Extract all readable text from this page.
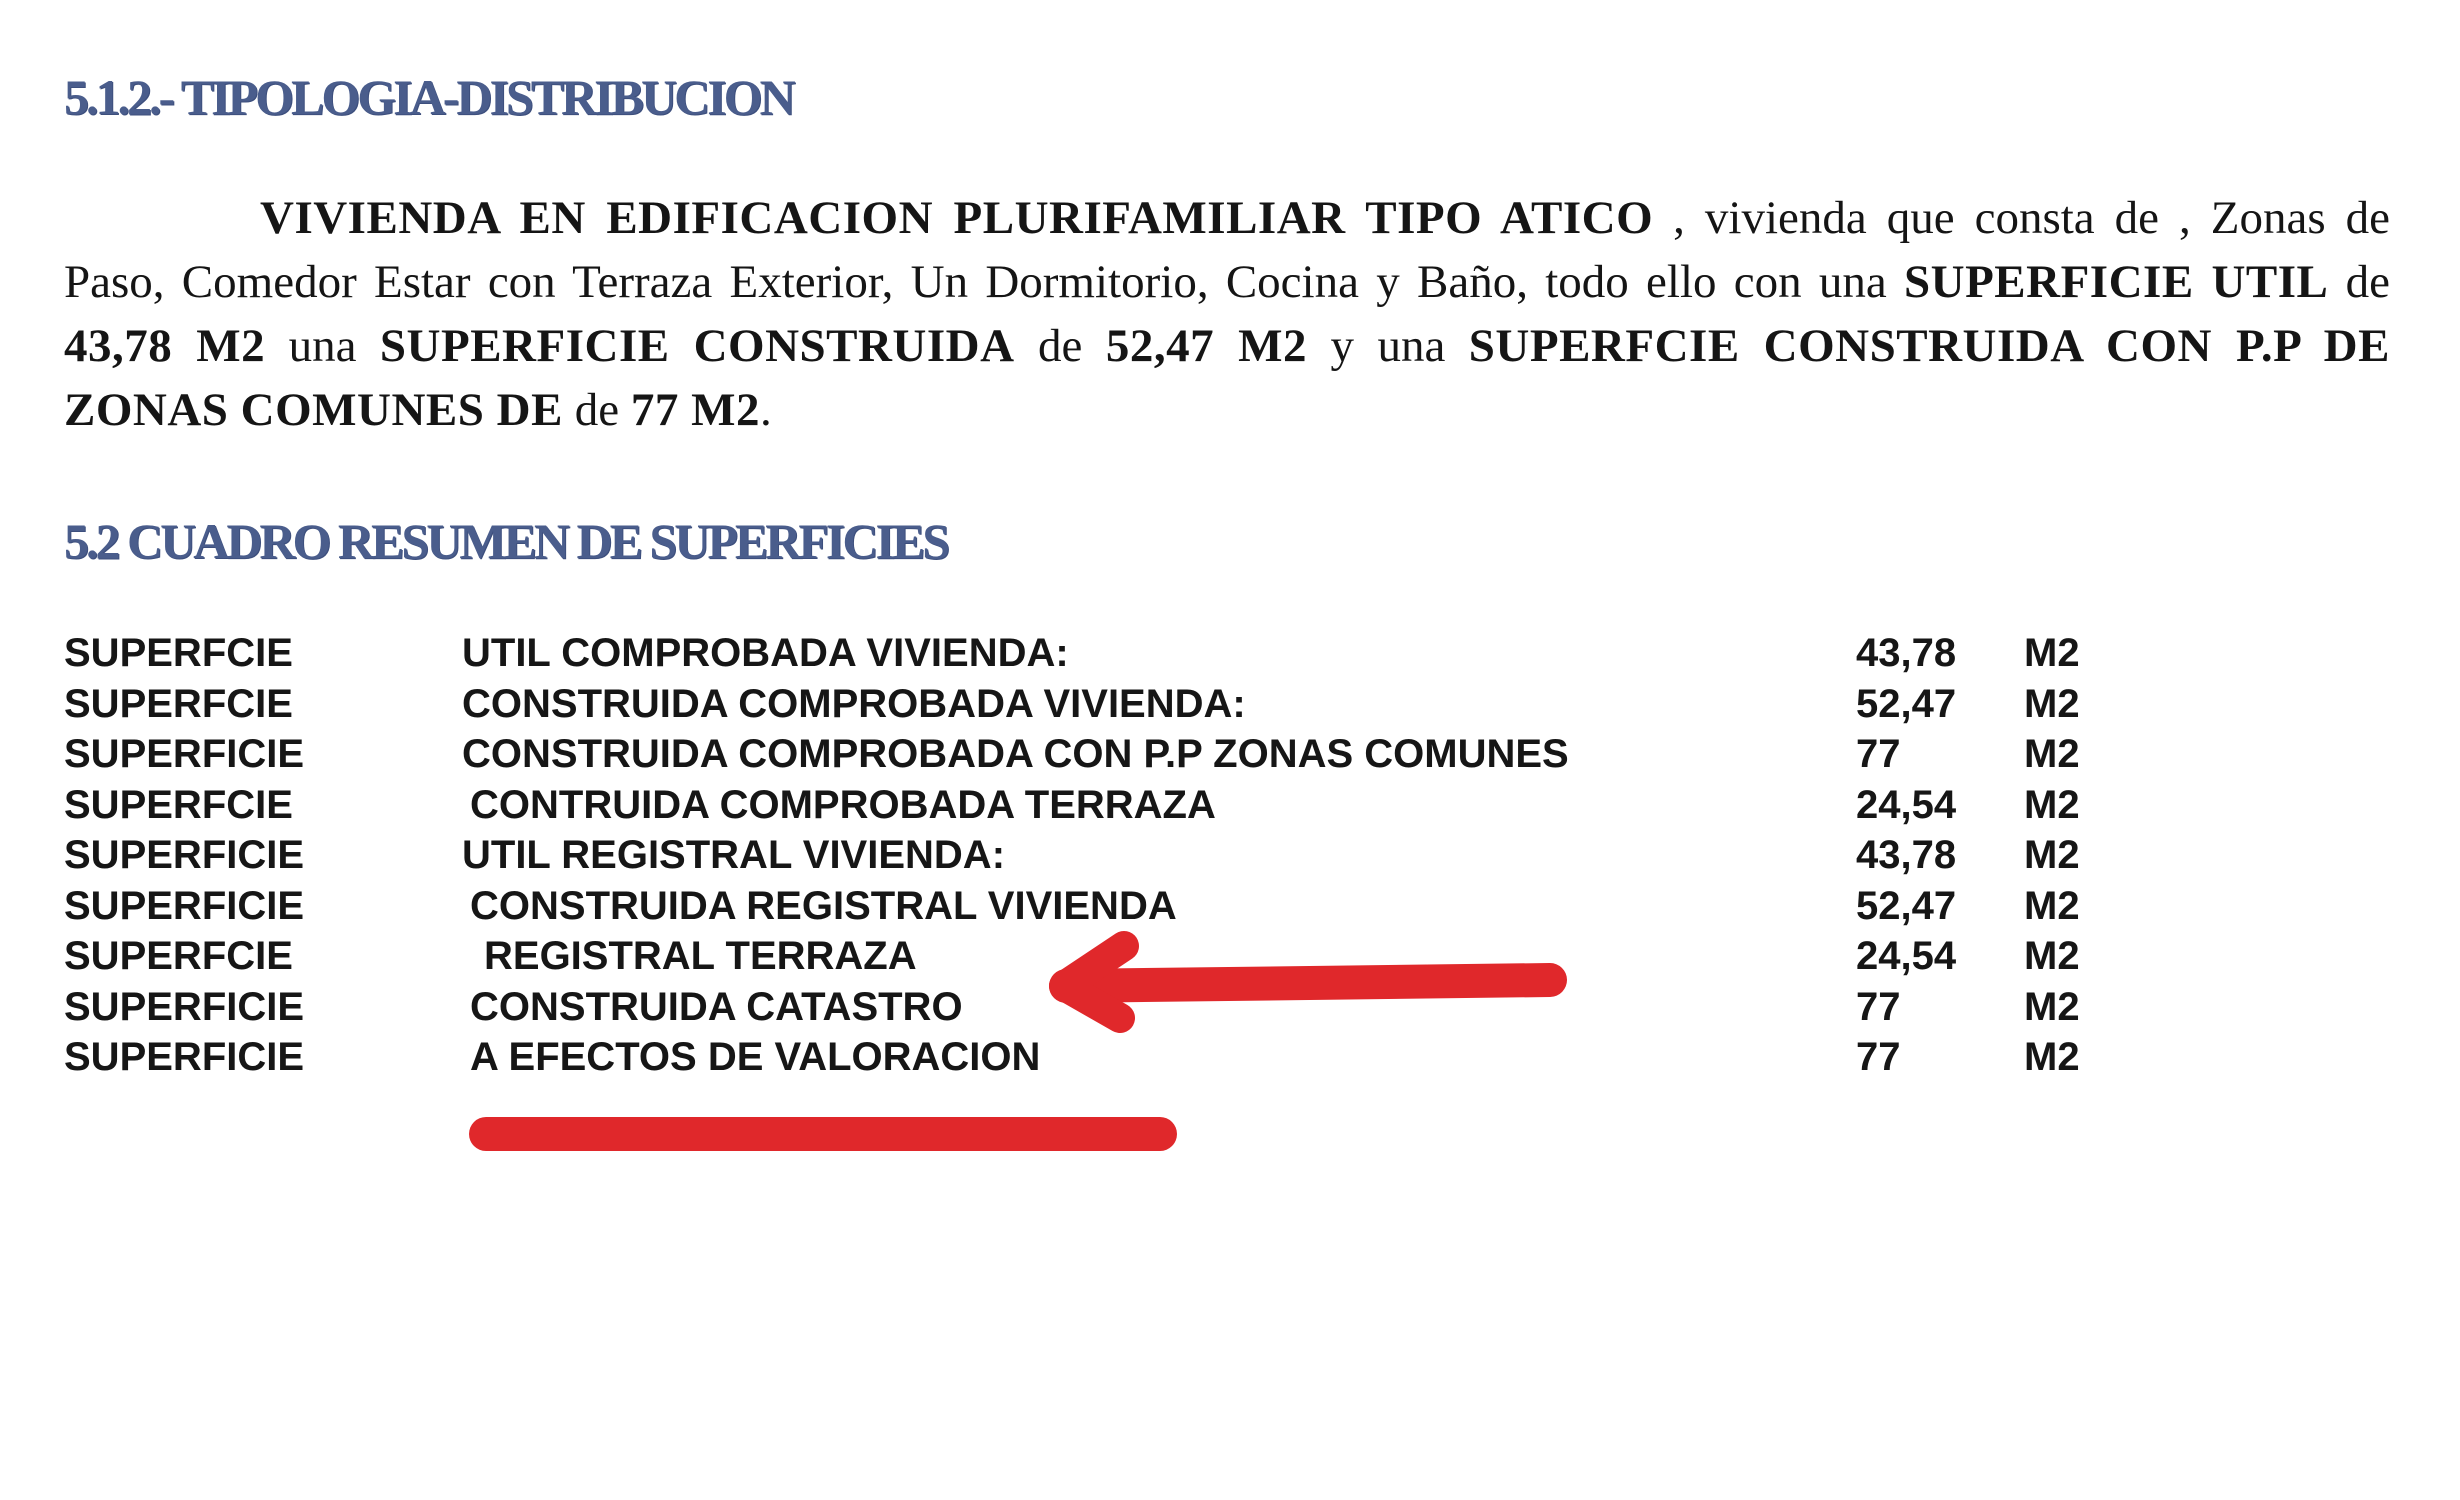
5.1.2.- TIPOLOGIA-DISTRIBUCION
VIVIENDA EN EDIFICACION PLURIFAMILIAR TIPO ATICO , vivienda que consta de , Zonas de Paso, Comedor Estar con Terraza Exterior, Un Dormitorio, Cocina y Baño, todo ello con una SUPERFICIE UTIL de 43,78 M2 una SUPERFICIE CONSTRUIDA de 52,47 M2 y una SUPERFCIE CONSTRUIDA CON P.P DE ZONAS COMUNES DE de 77 M2.
5.2 CUADRO RESUMEN DE SUPERFICIES
SUPERFCIE	UTIL COMPROBADA VIVIENDA:	43,78 M2
SUPERFCIE	CONSTRUIDA COMPROBADA VIVIENDA:	52,47 M2
SUPERFICIE	CONSTRUIDA COMPROBADA CON P.P ZONAS COMUNES	77	M2
SUPERFCIE	CONTRUIDA COMPROBADA TERRAZA	24,54 M2
SUPERFICIE	UTIL REGISTRAL VIVIENDA:	43,78 M2
SUPERFICIE	CONSTRUIDA REGISTRAL VIVIENDA	52,47 M2
SUPERFCIE	REGISTRAL TERRAZA	24,54 M2
SUPERFICIE	CONSTRUIDA CATASTRO	77	M2
SUPERFICIE	A EFECTOS DE VALORACION	77	M2
